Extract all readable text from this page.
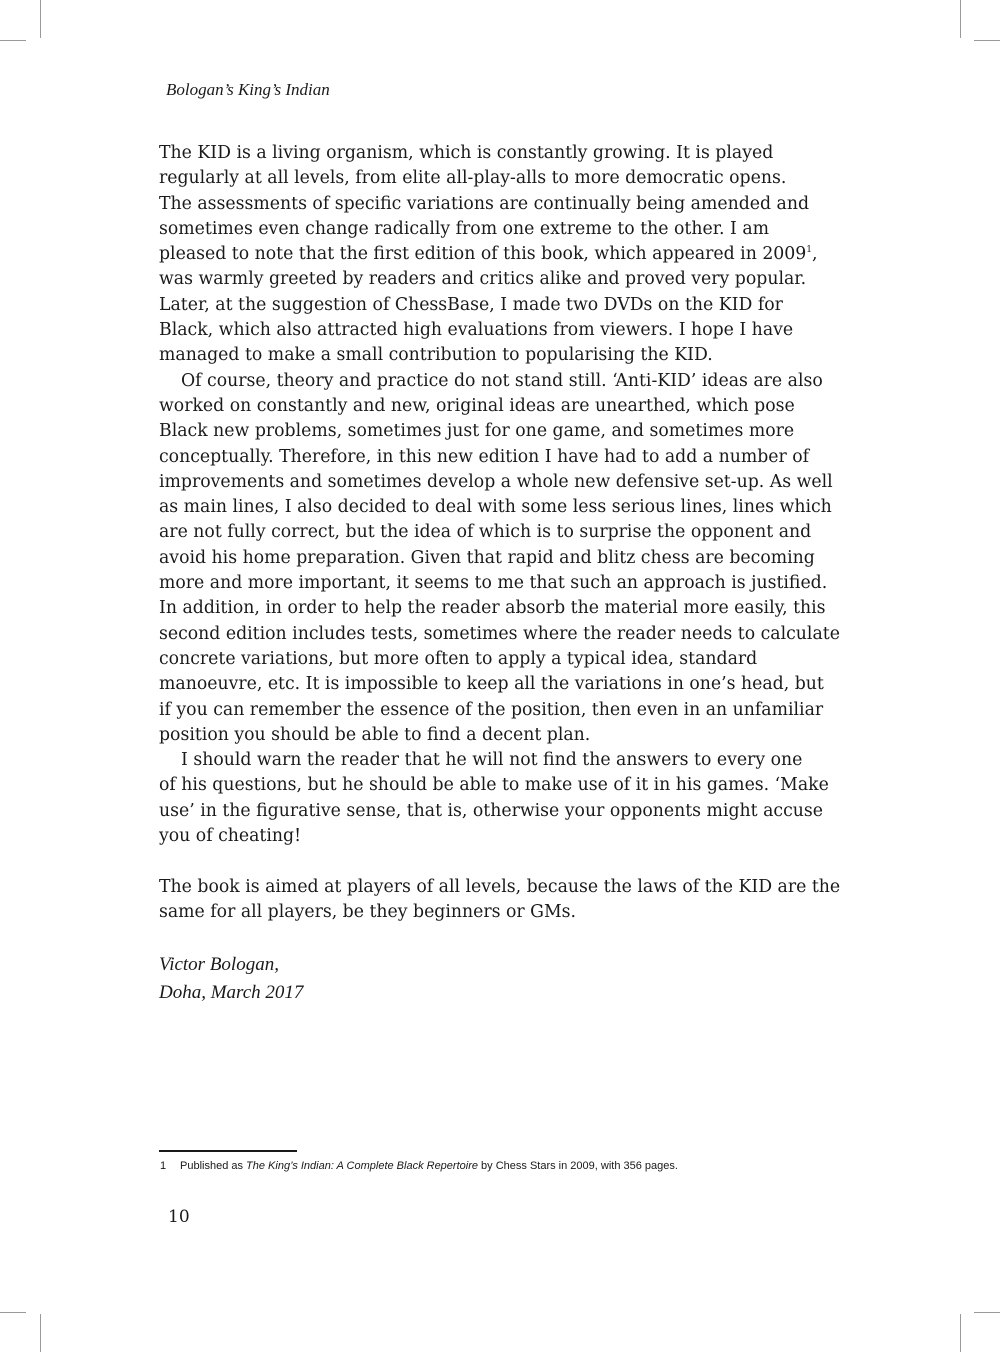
Bologan’s King’s Indian
The KID is a living organism, which is constantly growing. It is played
regularly at all levels, from elite all-play-alls to more democratic opens.
The assessments of specific variations are continually being amended and
sometimes even change radically from one extreme to the other. I am
pleased to note that the first edition of this book, which appeared in 2009$^1$,
was warmly greeted by readers and critics alike and proved very popular.
Later, at the suggestion of ChessBase, I made two DVDs on the KID for
Black, which also attracted high evaluations from viewers. I hope I have
managed to make a small contribution to popularising the KID.
Of course, theory and practice do not stand still. ‘Anti-KID’ ideas are also
worked on constantly and new, original ideas are unearthed, which pose
Black new problems, sometimes just for one game, and sometimes more
conceptually. Therefore, in this new edition I have had to add a number of
improvements and sometimes develop a whole new defensive set-up. As well
as main lines, I also decided to deal with some less serious lines, lines which
are not fully correct, but the idea of which is to surprise the opponent and
avoid his home preparation. Given that rapid and blitz chess are becoming
more and more important, it seems to me that such an approach is justified.
In addition, in order to help the reader absorb the material more easily, this
second edition includes tests, sometimes where the reader needs to calculate
concrete variations, but more often to apply a typical idea, standard
manoeuvre, etc. It is impossible to keep all the variations in one’s head, but
if you can remember the essence of the position, then even in an unfamiliar
position you should be able to find a decent plan.
I should warn the reader that he will not find the answers to every one
of his questions, but he should be able to make use of it in his games. ‘Make
use’ in the figurative sense, that is, otherwise your opponents might accuse
you of cheating!
The book is aimed at players of all levels, because the laws of the KID are the
same for all players, be they beginners or GMs.
Victor Bologan,
Doha, March 2017
1 Published as The King’s Indian: A Complete Black Repertoire by Chess Stars in 2009, with 356 pages.
10
